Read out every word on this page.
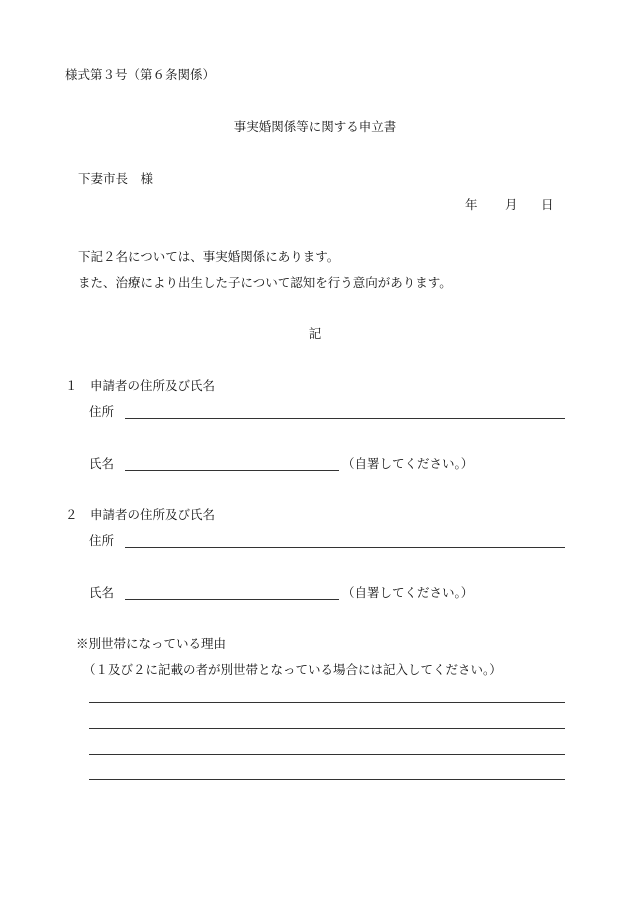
様式第３号（第６条関係）
事実婚関係等に関する申立書
下妻市長　様
年 月 日
下記２名については、事実婚関係にあります。
また、治療により出生した子について認知を行う意向があります。
記
１　申請者の住所及び氏名
住所
氏名	（自署してください。）
２　申請者の住所及び氏名
住所
氏名	（自署してください。）
※別世帯になっている理由
（１及び２に記載の者が別世帯となっている場合には記入してください。）
